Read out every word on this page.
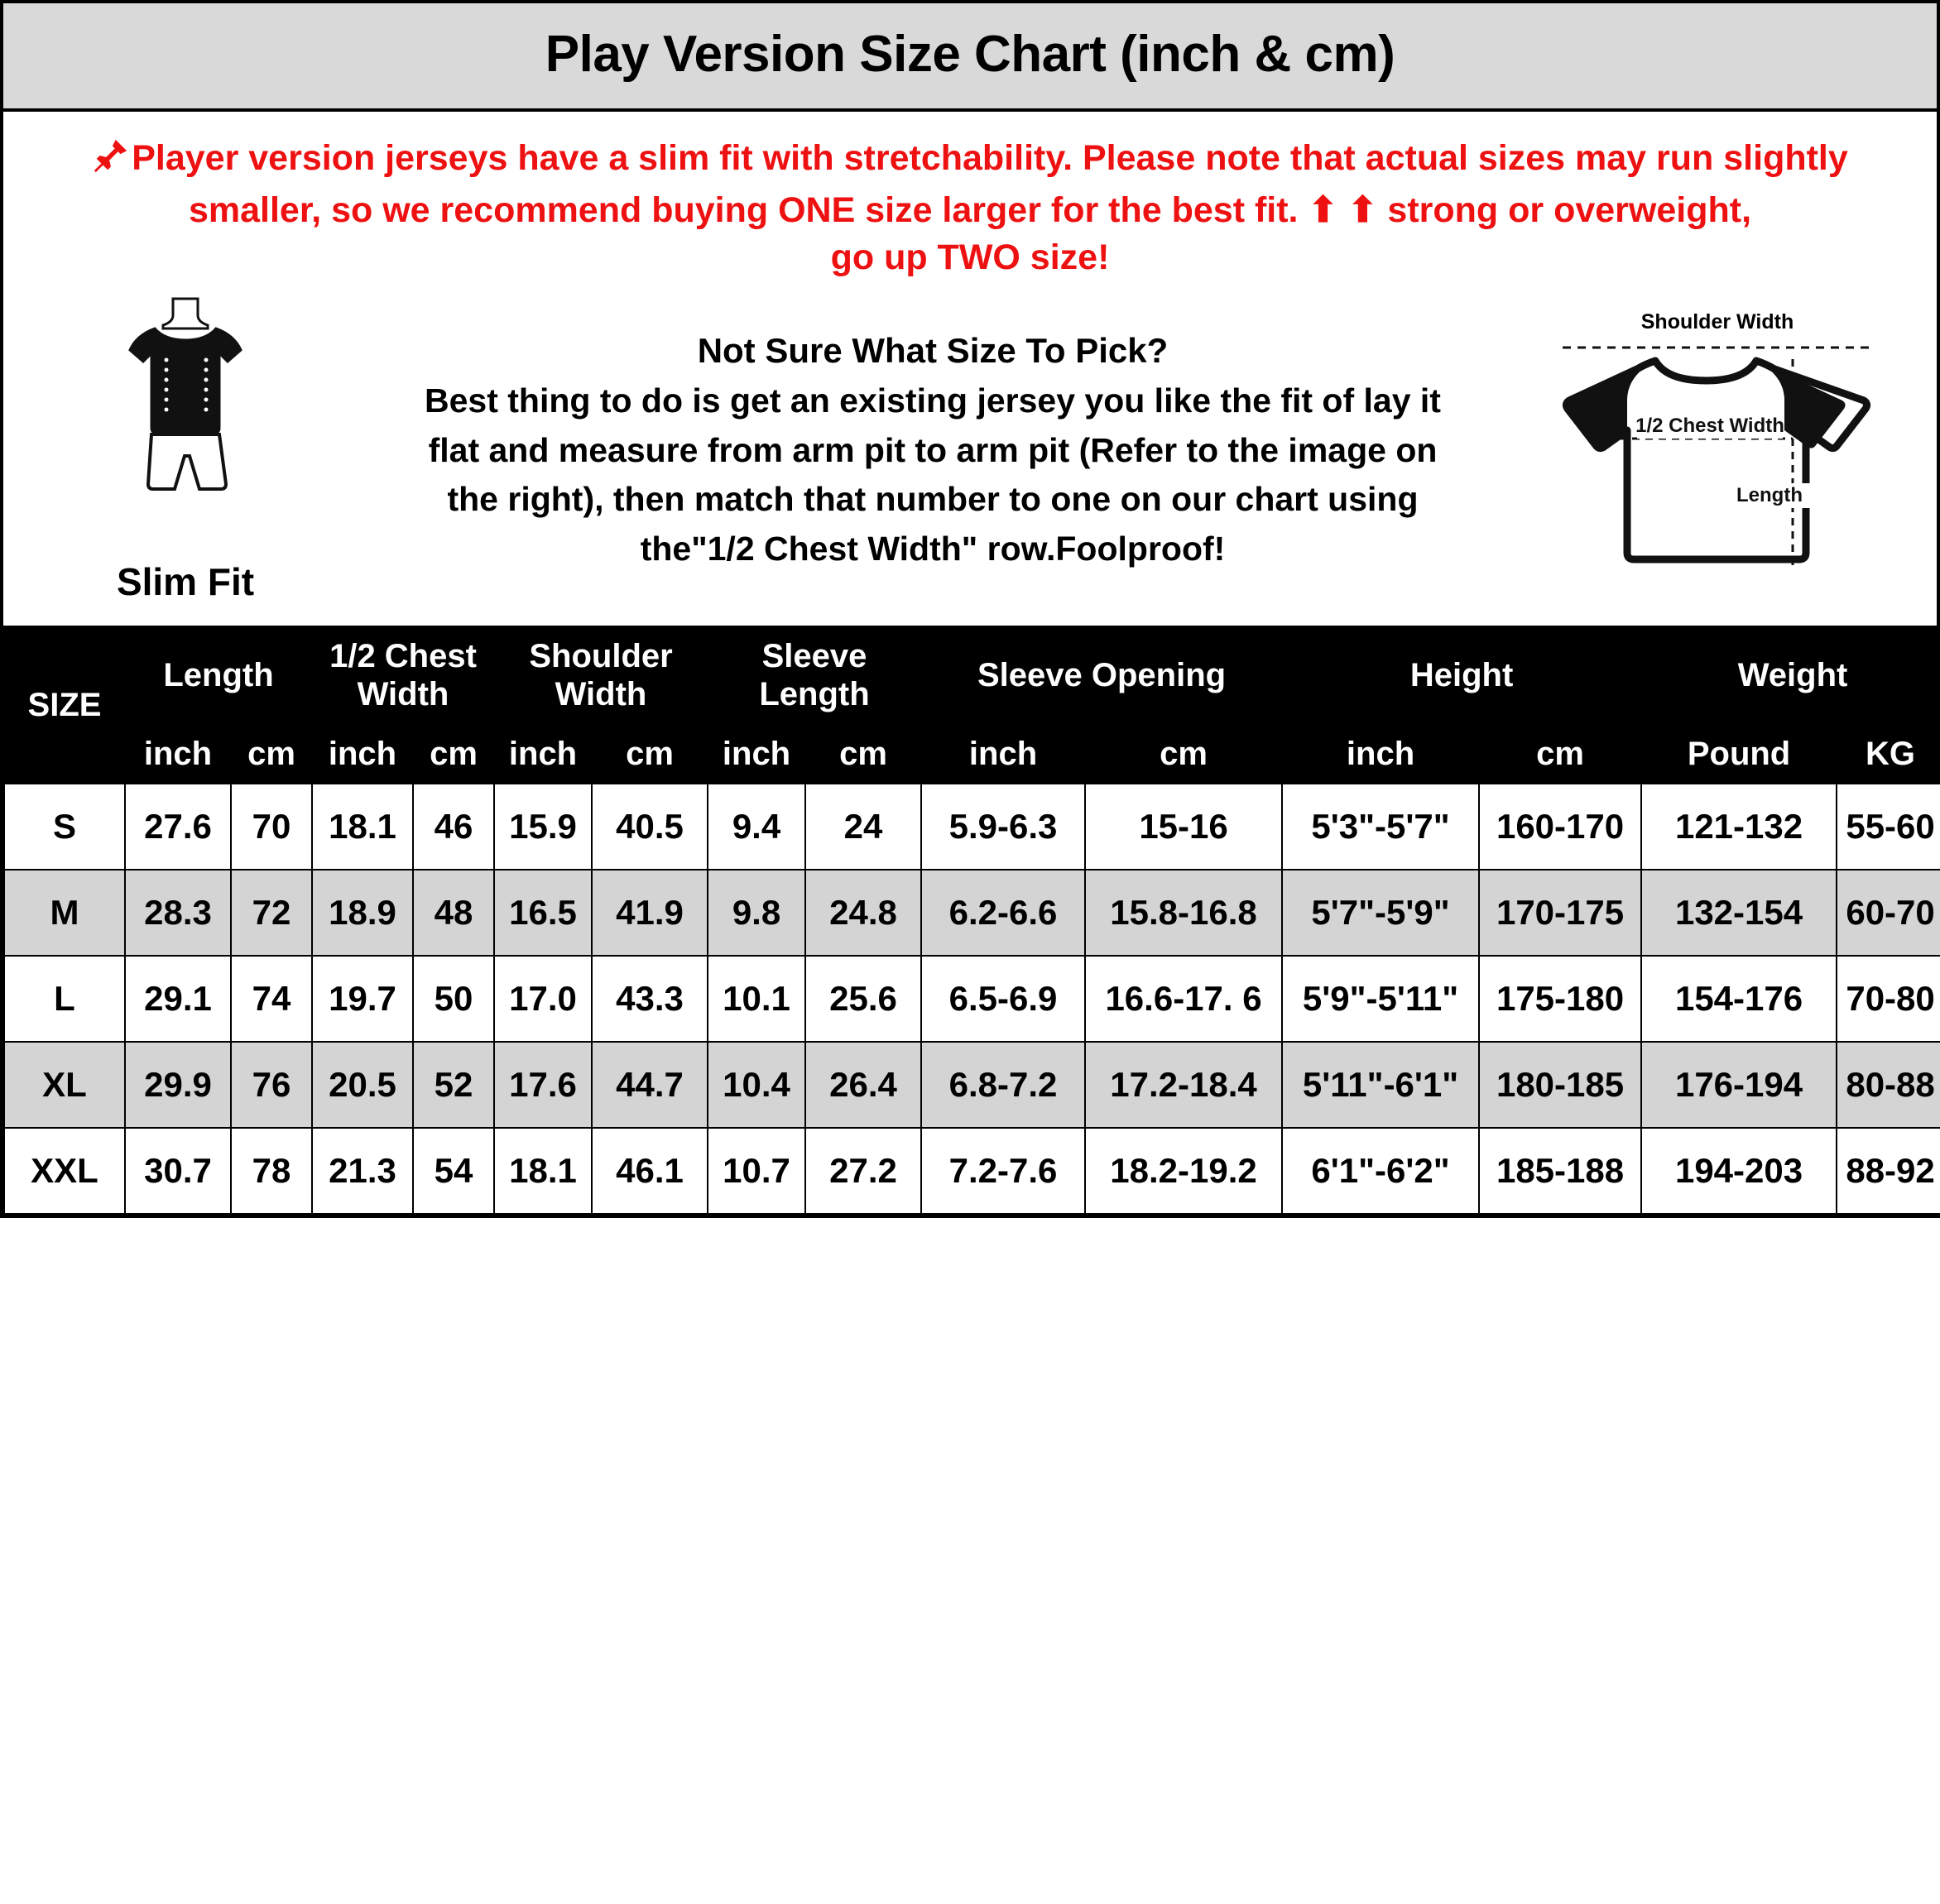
Play Version Size Chart (inch & cm)
Player version jerseys have a slim fit with stretchability. Please note that actual sizes may run slightly smaller, so we recommend buying ONE size larger for the best fit. ⬆ ⬆ strong or overweight,
go up TWO size!
Slim Fit
Not Sure What Size To Pick?
Best thing to do is get an existing jersey you like the fit of lay it
flat and measure from arm pit to arm pit (Refer to the image on
the right), then match that number to one on our chart using
the"1/2 Chest Width" row.Foolproof!
Shoulder Width
1/2 Chest Width
Length
SIZE	Length		1/2 Chest Width		Shoulder Width		Sleeve Length		Sleeve Opening		Height		Weight	
	inch	cm	inch	cm	inch	cm	inch	cm	inch	cm	inch	cm	Pound	KG
S	27.6	70	18.1	46	15.9	40.5	9.4	24	5.9-6.3	15-16	5'3"-5'7"	160-170	121-132	55-60
M	28.3	72	18.9	48	16.5	41.9	9.8	24.8	6.2-6.6	15.8-16.8	5'7"-5'9"	170-175	132-154	60-70
L	29.1	74	19.7	50	17.0	43.3	10.1	25.6	6.5-6.9	16.6-17. 6	5'9"-5'11"	175-180	154-176	70-80
XL	29.9	76	20.5	52	17.6	44.7	10.4	26.4	6.8-7.2	17.2-18.4	5'11"-6'1"	180-185	176-194	80-88
XXL	30.7	78	21.3	54	18.1	46.1	10.7	27.2	7.2-7.6	18.2-19.2	6'1"-6'2"	185-188	194-203	88-92
